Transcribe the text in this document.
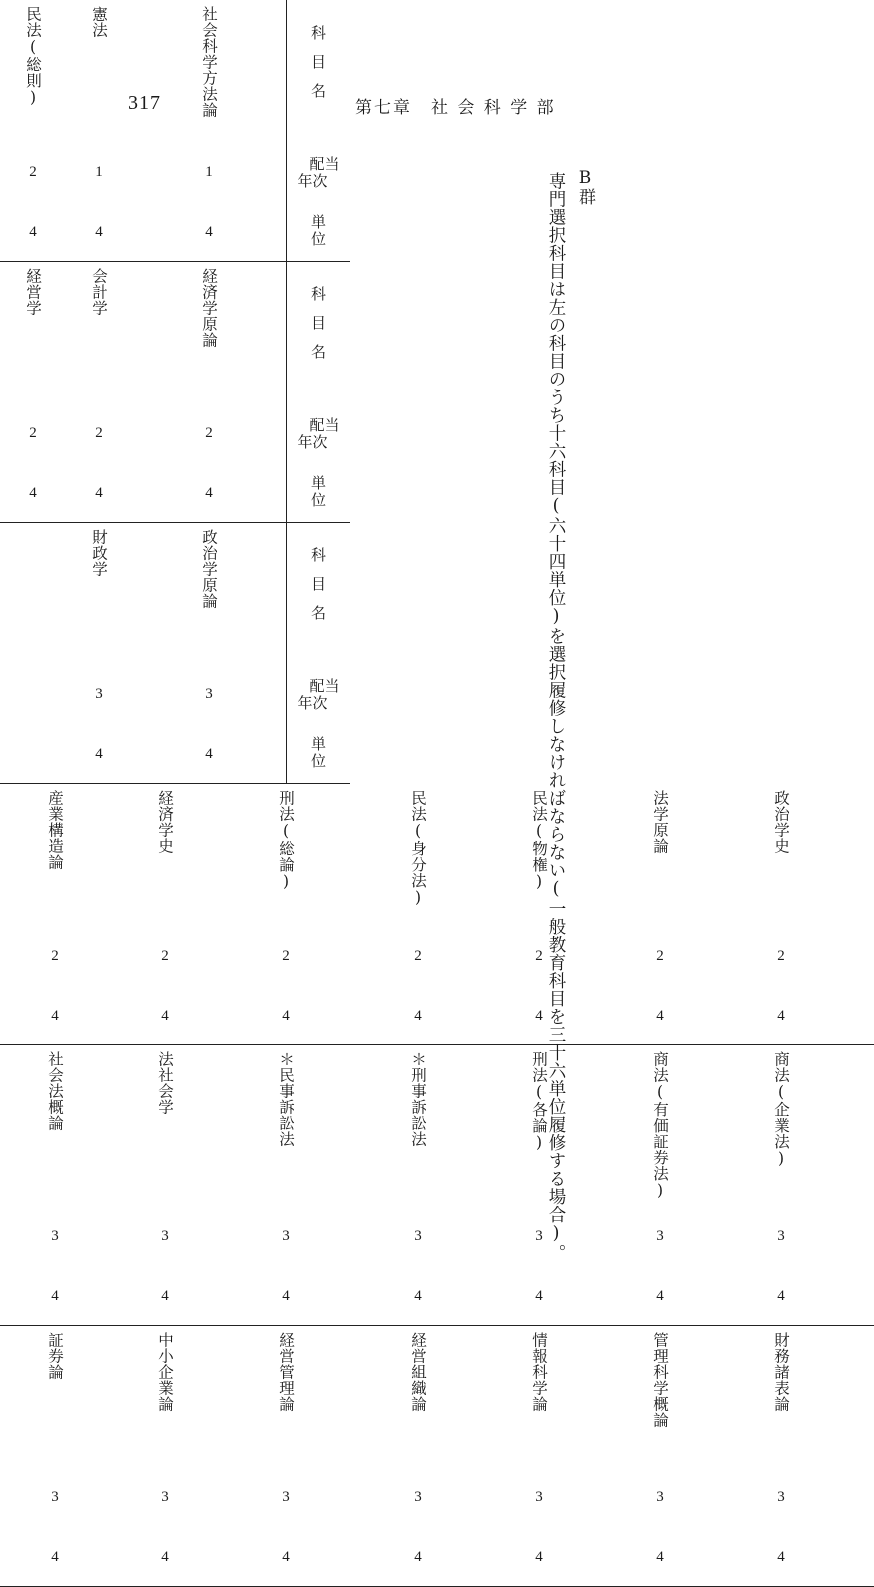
317	第七章　社 会 科 学 部
民法(総則)	憲法	社会科学方法論	科目名
2	1	1	配当
年次

4	4	4	単位
経営学	会計学	経済学原論	科目名
2	2	2	配当
年次

4	4	4	単位
	財政学	政治学原論	科目名
	3	3	配当
年次

	4	4	単位
B群
専門選択科目は左の科目のうち十六科目(六十四単位)を選択履修しなければならない(一般教育科目を三十六単位履修する場合)。
産業構造論	経済学史	刑法(総論)	民法(身分法)	民法(物権)	法学原論	政治学史							
2	2	2	2	2	2	2							

4	4	4	4	4	4	4							
社会法概論	法社会学	＊民事訴訟法	＊刑事訴訟法	刑法(各論)	商法(有価証券法)	商法(企業法)							
3	3	3	3	3	3	3							

4	4	4	4	4	4	4							
証券論	中小企業論	経営管理論	経営組織論	情報科学論	管理科学概論	財務諸表論							
3	3	3	3	3	3	3							

4	4	4	4	4	4	4							
